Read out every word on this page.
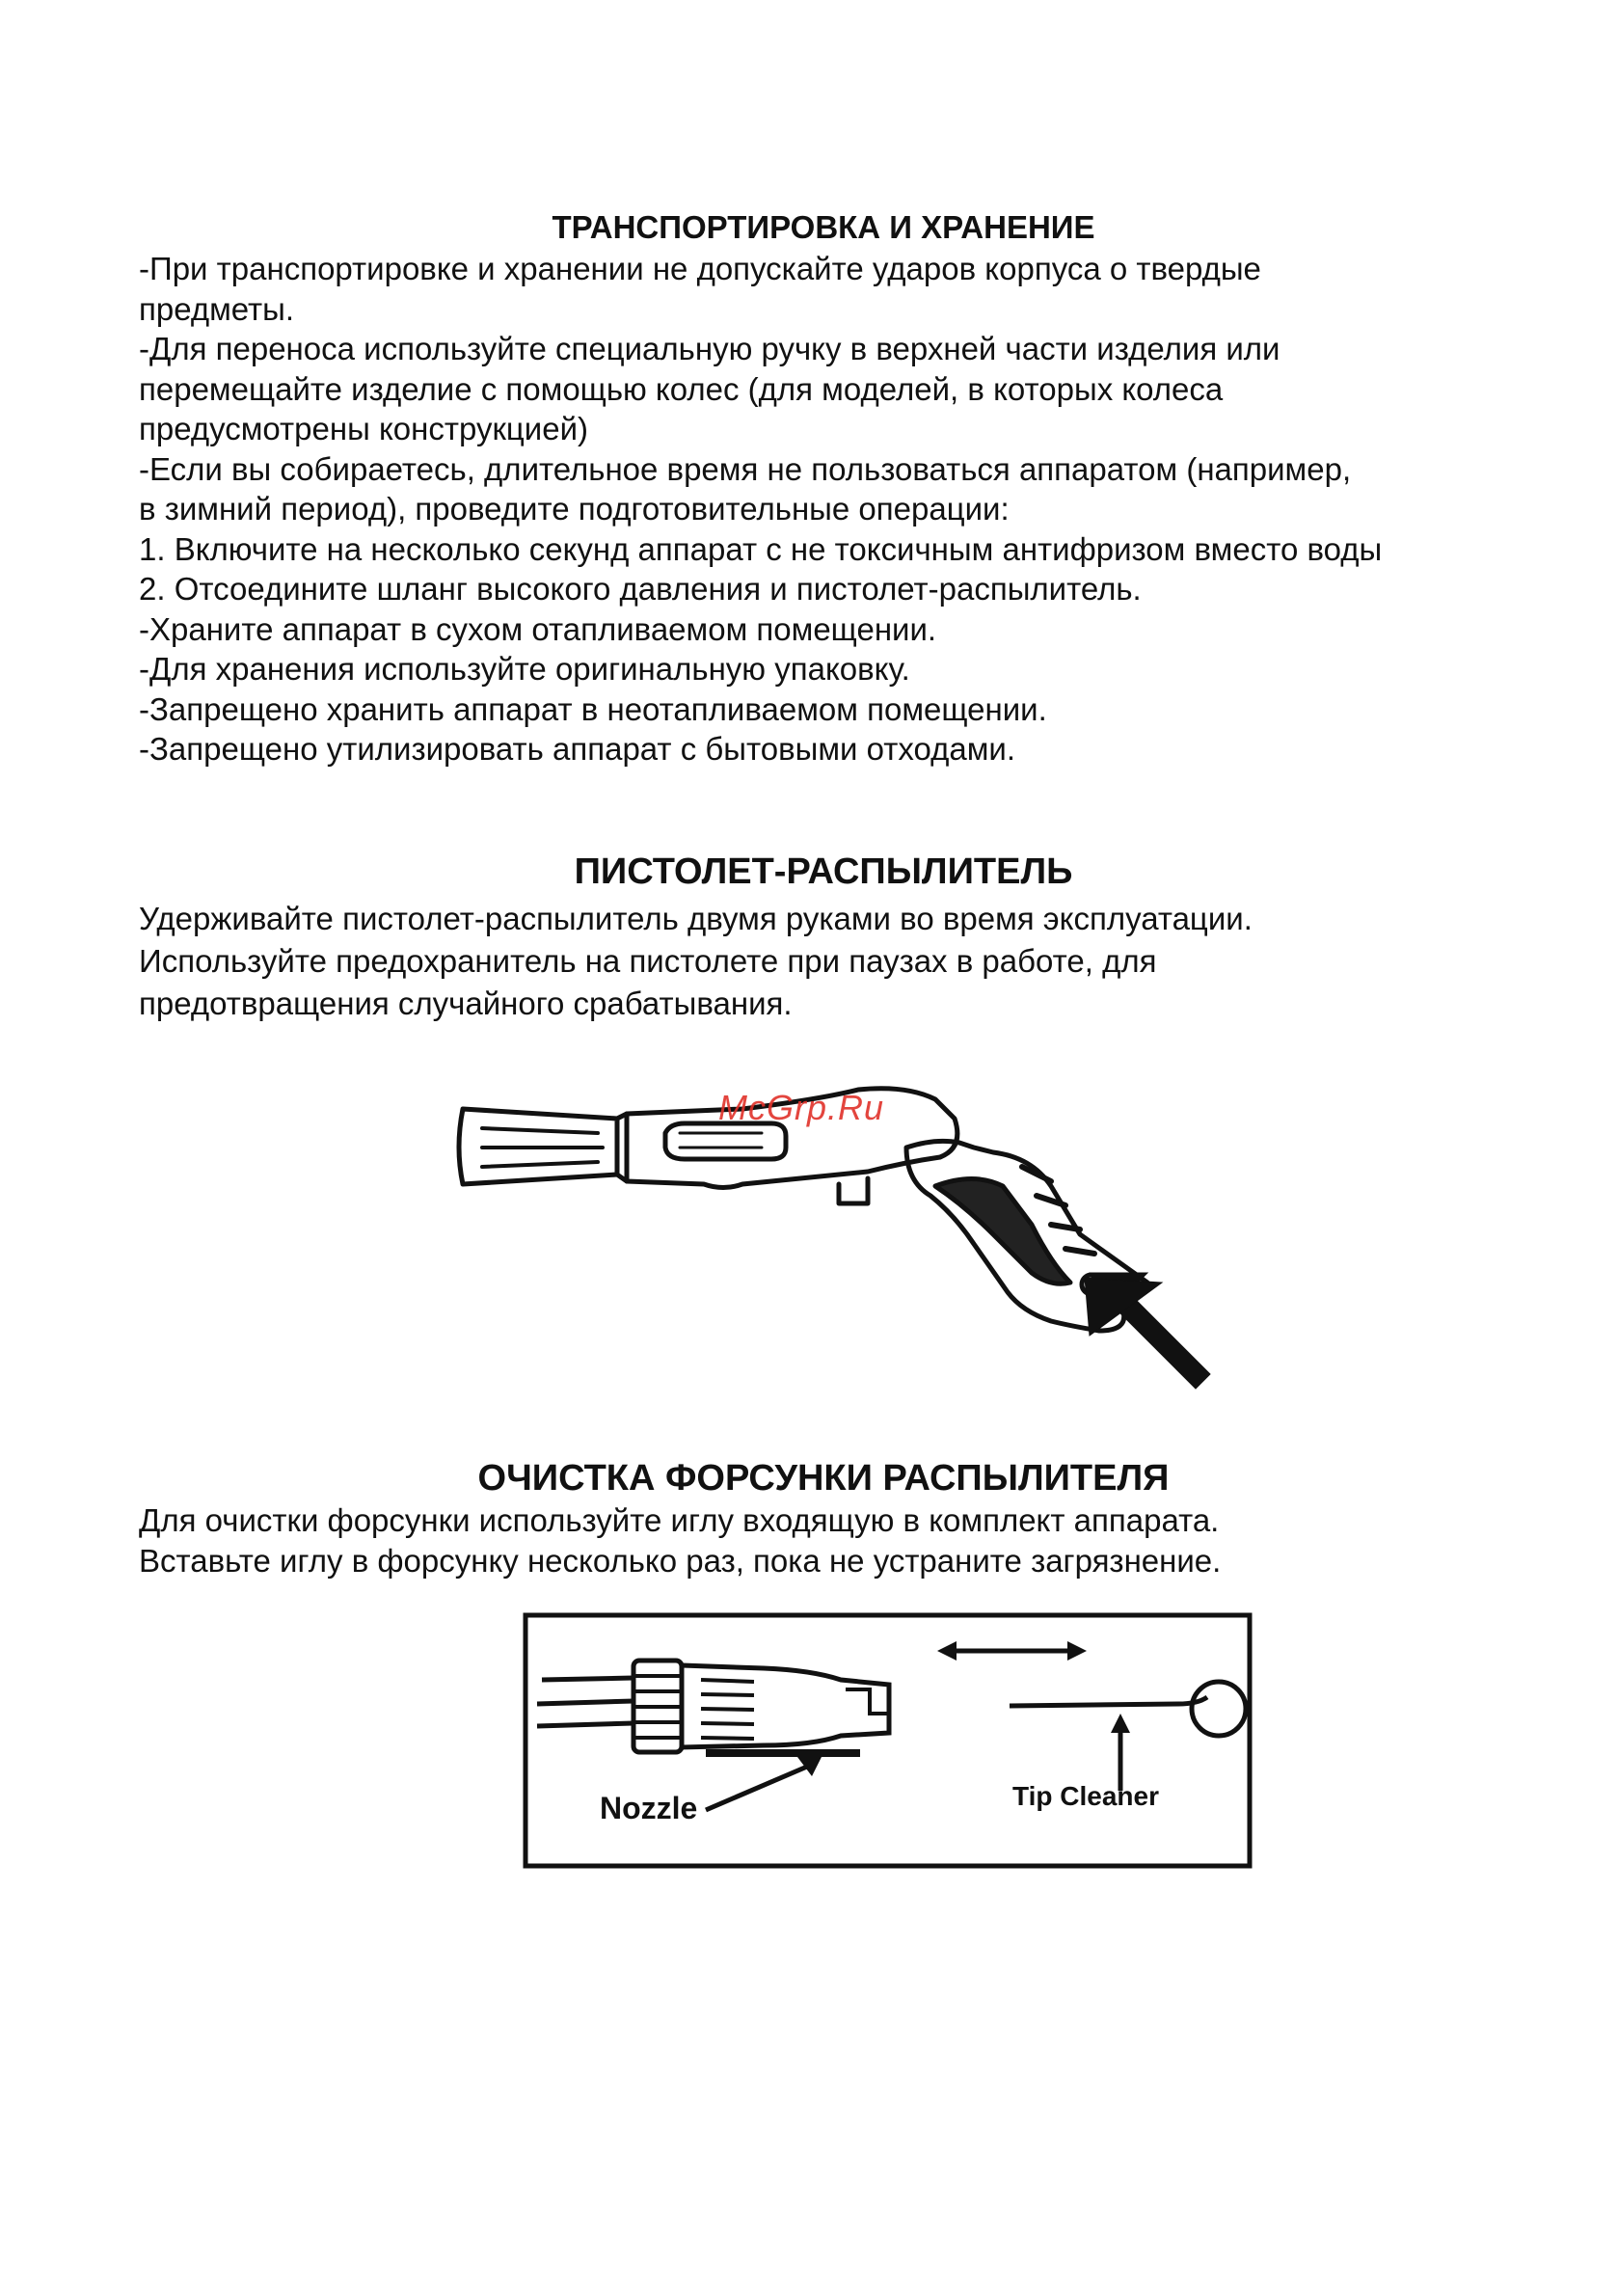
ТРАНСПОРТИРОВКА И ХРАНЕНИЕ

-При транспортировке и хранении не допускайте ударов корпуса о твердые

предметы.

-Для переноса используйте специальную ручку в верхней части изделия или

перемещайте изделие с помощью колес (для моделей, в которых колеса

предусмотрены конструкцией)

-Если вы собираетесь, длительное время не пользоваться аппаратом (например,

в зимний период), проведите подготовительные операции:

1. Включите на несколько секунд аппарат с не токсичным антифризом вместо воды

2. Отсоедините шланг высокого давления и пистолет-распылитель.

-Храните аппарат в сухом отапливаемом помещении.

-Для хранения используйте оригинальную упаковку.

-Запрещено хранить аппарат в неотапливаемом помещении.

-Запрещено утилизировать аппарат с бытовыми отходами.

ПИСТОЛЕТ-РАСПЫЛИТЕЛЬ

Удерживайте пистолет-распылитель двумя руками во время эксплуатации.

Используйте предохранитель на пистолете при паузах в работе, для

предотвращения случайного срабатывания.

McGrp.Ru
ОЧИСТКА ФОРСУНКИ РАСПЫЛИТЕЛЯ

Для очистки форсунки используйте иглу входящую в комплект аппарата.

Вставьте иглу в форсунку несколько раз, пока не устраните загрязнение.

Nozzle	Tip Cleaner
